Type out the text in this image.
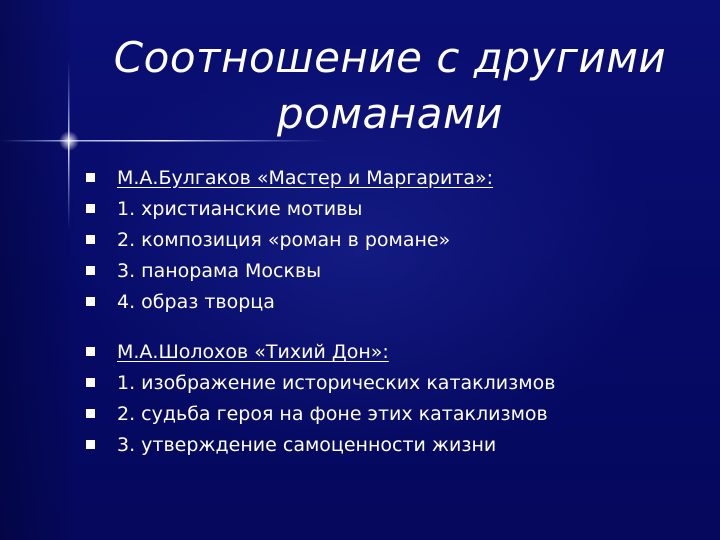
Соотношение с другими
романами
М.А.Булгаков «Мастер и Маргарита»:
1. христианские мотивы
2. композиция «роман в романе»
3. панорама Москвы
4. образ творца
М.А.Шолохов «Тихий Дон»:
1. изображение исторических катаклизмов
2. судьба героя на фоне этих катаклизмов
3. утверждение самоценности жизни
